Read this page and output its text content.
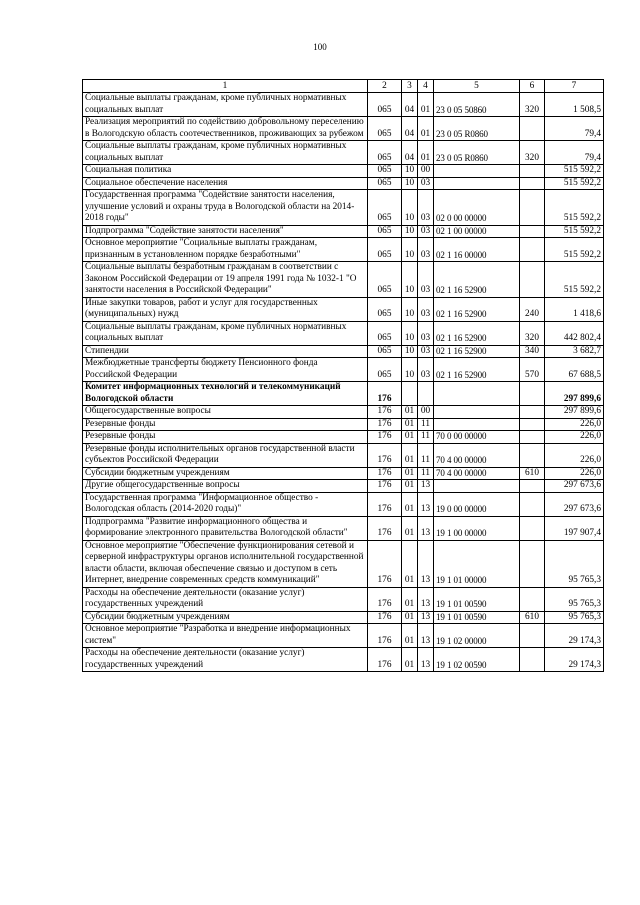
100
1	2	3	4	5	6	7
Социальные выплаты гражданам, кроме публичных нормативных социальных выплат	065	04	01	23 0 05 50860	320	1 508,5
Реализация мероприятий по содействию добровольному переселению в Вологодскую область соотечественников, проживающих за рубежом	065	04	01	23 0 05 R0860		79,4
Социальные выплаты гражданам, кроме публичных нормативных социальных выплат	065	04	01	23 0 05 R0860	320	79,4
Социальная политика	065	10	00			515 592,2
Социальное обеспечение населения	065	10	03			515 592,2
Государственная программа "Содействие занятости населения, улучшение условий и охраны труда в Вологодской области на 2014-2018 годы"	065	10	03	02 0 00 00000		515 592,2
Подпрограмма "Содействие занятости населения"	065	10	03	02 1 00 00000		515 592,2
Основное мероприятие "Социальные выплаты гражданам, признанным в установленном порядке безработными"	065	10	03	02 1 16 00000		515 592,2
Социальные выплаты безработным гражданам в соответствии с Законом Российской Федерации от 19 апреля 1991 года № 1032-1 "О занятости населения в Российской Федерации"	065	10	03	02 1 16 52900		515 592,2
Иные закупки товаров, работ и услуг для государственных (муниципальных) нужд	065	10	03	02 1 16 52900	240	1 418,6
Социальные выплаты гражданам, кроме публичных нормативных социальных выплат	065	10	03	02 1 16 52900	320	442 802,4
Стипендии	065	10	03	02 1 16 52900	340	3 682,7
Межбюджетные трансферты бюджету Пенсионного фонда Российской Федерации	065	10	03	02 1 16 52900	570	67 688,5
Комитет информационных технологий и телекоммуникаций Вологодской области	176					297 899,6
Общегосударственные вопросы	176	01	00			297 899,6
Резервные фонды	176	01	11			226,0
Резервные фонды	176	01	11	70 0 00 00000		226,0
Резервные фонды исполнительных органов государственной власти субъектов Российской Федерации	176	01	11	70 4 00 00000		226,0
Субсидии бюджетным учреждениям	176	01	11	70 4 00 00000	610	226,0
Другие общегосударственные вопросы	176	01	13			297 673,6
Государственная программа "Информационное общество - Вологодская область (2014-2020 годы)"	176	01	13	19 0 00 00000		297 673,6
Подпрограмма "Развитие информационного общества и формирование электронного правительства Вологодской области"	176	01	13	19 1 00 00000		197 907,4
Основное мероприятие "Обеспечение функционирования сетевой и серверной инфраструктуры органов исполнительной государственной власти области, включая обеспечение связью и доступом в сеть Интернет, внедрение современных средств коммуникаций"	176	01	13	19 1 01 00000		95 765,3
Расходы на обеспечение деятельности (оказание услуг) государственных учреждений	176	01	13	19 1 01 00590		95 765,3
Субсидии бюджетным учреждениям	176	01	13	19 1 01 00590	610	95 765,3
Основное мероприятие "Разработка и внедрение информационных систем"	176	01	13	19 1 02 00000		29 174,3
Расходы на обеспечение деятельности (оказание услуг) государственных учреждений	176	01	13	19 1 02 00590		29 174,3
